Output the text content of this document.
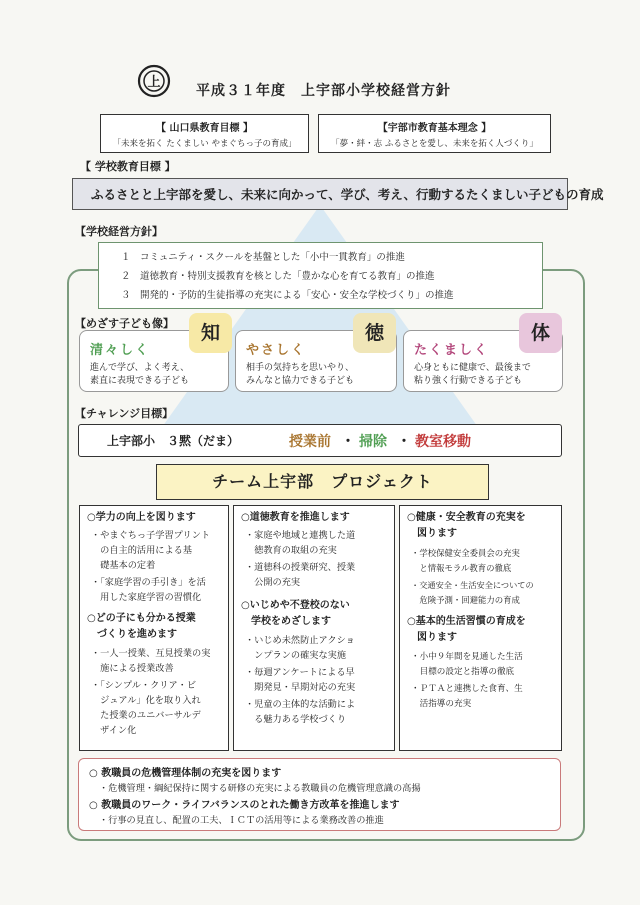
上
平成３１年度　上宇部小学校経営方針
【 山口県教育目標 】
「未来を拓く たくましい やまぐちっ子の育成」
【宇部市教育基本理念 】
「夢・絆・志 ふるさとを愛し、未来を拓く人づくり」
【 学校教育目標 】
ふるさとと上宇部を愛し、未来に向かって、学び、考え、行動するたくましい子どもの育成
【学校経営方針】
１　コミュニティ・スクールを基盤とした「小中一貫教育」の推進
２　道徳教育・特別支援教育を核とした「豊かな心を育てる教育」の推進
３　開発的・予防的生徒指導の充実による「安心・安全な学校づくり」の推進
【めざす子ども像】
清々しく
進んで学び、よく考え、
素直に表現できる子ども
知
やさしく
相手の気持ちを思いやり、
みんなと協力できる子ども
徳
たくましく
心身ともに健康で、最後まで
粘り強く行動できる子ども
体
【チャレンジ目標】
上宇部小　３黙（だま）	授業前 ・ 掃除 ・ 教室移動
チーム上宇部　プロジェクト
○学力の向上を図ります
・やまぐちっ子学習プリント
　の自主的活用による基
　礎基本の定着
・「家庭学習の手引き」を活
　用した家庭学習の習慣化
○どの子にも分かる授業
　づくりを進めます
・一人一授業、互見授業の実
　施による授業改善
・「シンプル・クリア・ビ
　ジュアル」化を取り入れ
　た授業のユニバーサルデ
　ザイン化
○道徳教育を推進します
・家庭や地域と連携した道
　徳教育の取組の充実
・道徳科の授業研究、授業
　公開の充実
○いじめや不登校のない
　学校をめざします
・いじめ未然防止アクショ
　ンプランの確実な実施
・毎週アンケートによる早
　期発見・早期対応の充実
・児童の主体的な活動によ
　る魅力ある学校づくり
○健康・安全教育の充実を
　図ります
・学校保健安全委員会の充実
　と情報モラル教育の徹底
・交通安全・生活安全についての
　危険予測・回避能力の育成
○基本的生活習慣の育成を
　図ります
・小中９年間を見通した生活
　目標の設定と指導の徹底
・ＰＴＡと連携した食育、生
　活指導の充実
○ 教職員の危機管理体制の充実を図ります
・危機管理・綱紀保持に関する研修の充実による教職員の危機管理意識の高揚
○ 教職員のワーク・ライフバランスのとれた働き方改革を推進します
・行事の見直し、配置の工夫、ＩＣＴの活用等による業務改善の推進
